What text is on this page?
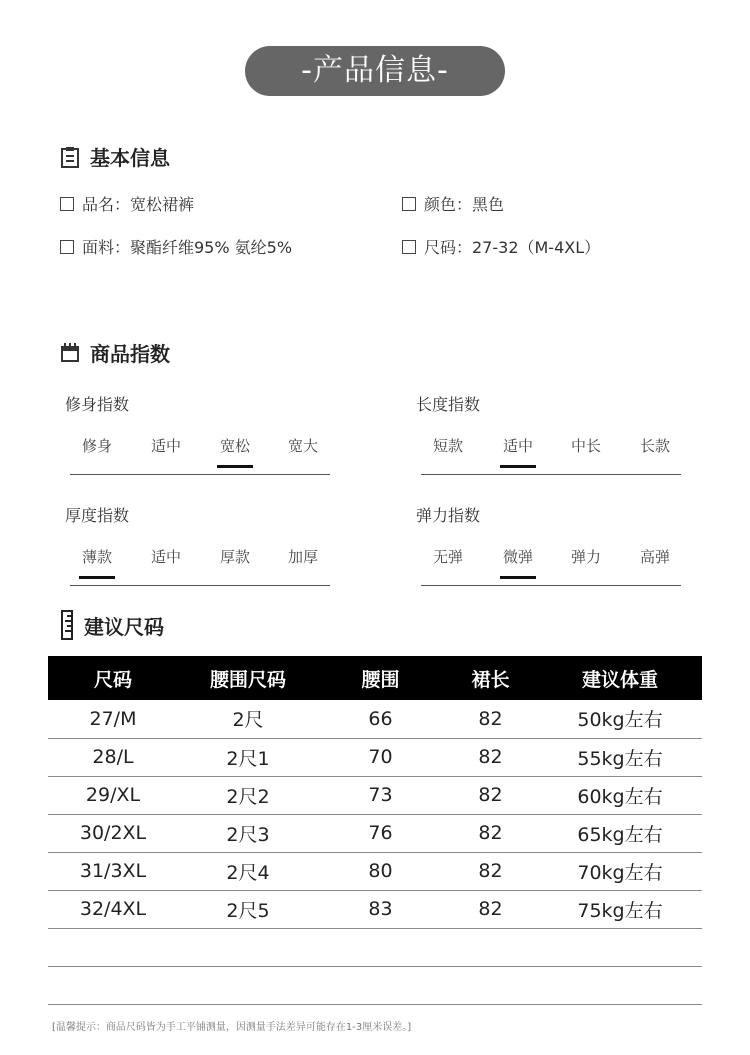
-产品信息-
基本信息
品名：宽松裙裤	颜色：黑色
面料：聚酯纤维95% 氨纶5%	尺码：27-32（M-4XL）
商品指数
修身指数
修身	适中	宽松	宽大
长度指数
短款	适中	中长	长款
厚度指数
薄款	适中	厚款	加厚
弹力指数
无弹	微弹	弹力	高弹
建议尺码
尺码	腰围尺码	腰围	裙长	建议体重
27/M	2尺	66	82	50kg左右
28/L	2尺1	70	82	55kg左右
29/XL	2尺2	73	82	60kg左右
30/2XL	2尺3	76	82	65kg左右
31/3XL	2尺4	80	82	70kg左右
32/4XL	2尺5	83	82	75kg左右

[温馨提示：商品尺码皆为手工平铺测量，因测量手法差异可能存在1-3厘米误差。]
